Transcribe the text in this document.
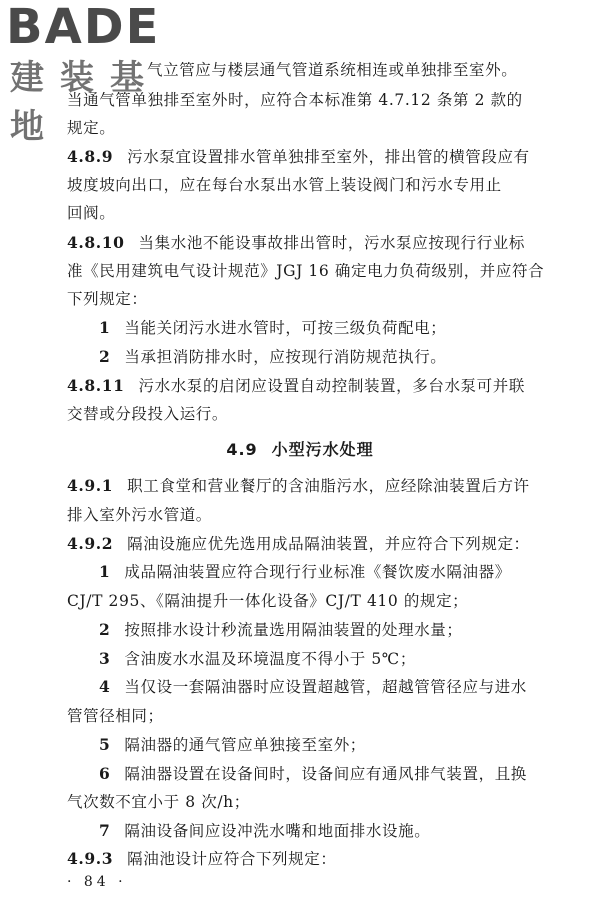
BADE
建装基地
气立管应与楼层通气管道系统相连或单独排至室外。
当通气管单独排至室外时，应符合本标准第 4.7.12 条第 2 款的
规定。
4.8.9 污水泵宜设置排水管单独排至室外，排出管的横管段应有
坡度坡向出口，应在每台水泵出水管上装设阀门和污水专用止
回阀。
4.8.10 当集水池不能设事故排出管时，污水泵应按现行行业标
准《民用建筑电气设计规范》JGJ 16 确定电力负荷级别，并应符合
下列规定：
1 当能关闭污水进水管时，可按三级负荷配电；
2 当承担消防排水时，应按现行消防规范执行。
4.8.11 污水水泵的启闭应设置自动控制装置，多台水泵可并联
交替或分段投入运行。
4.9 小型污水处理
4.9.1 职工食堂和营业餐厅的含油脂污水，应经除油装置后方许
排入室外污水管道。
4.9.2 隔油设施应优先选用成品隔油装置，并应符合下列规定：
1 成品隔油装置应符合现行行业标准《餐饮废水隔油器》
CJ/T 295、《隔油提升一体化设备》CJ/T 410 的规定；
2 按照排水设计秒流量选用隔油装置的处理水量；
3 含油废水水温及环境温度不得小于 5℃；
4 当仅设一套隔油器时应设置超越管，超越管管径应与进水
管管径相同；
5 隔油器的通气管应单独接至室外；
6 隔油器设置在设备间时，设备间应有通风排气装置，且换
气次数不宜小于 8 次/h；
7 隔油设备间应设冲洗水嘴和地面排水设施。
4.9.3 隔油池设计应符合下列规定：
· 84 ·
